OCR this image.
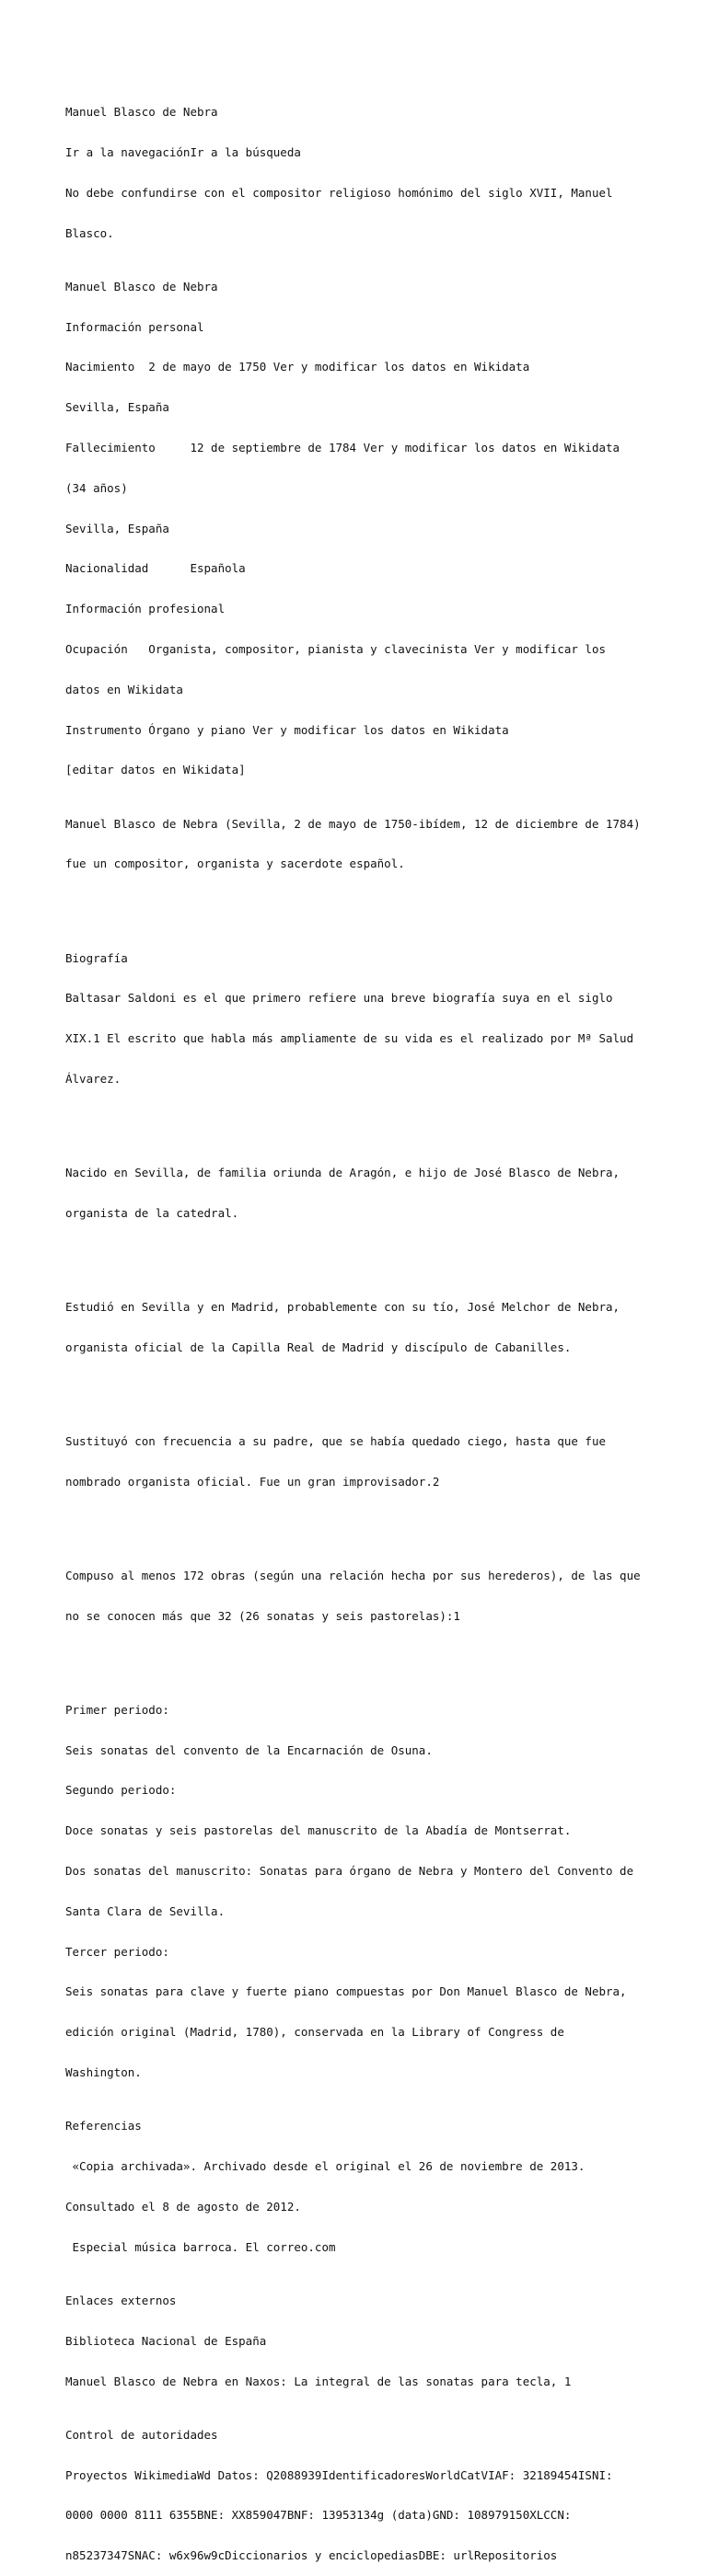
Manuel Blasco de Nebra

Ir a la navegaciónIr a la búsqueda

No debe confundirse con el compositor religioso homónimo del siglo XVII, Manuel

Blasco.

Manuel Blasco de Nebra

Información personal

Nacimiento  2 de mayo de 1750 Ver y modificar los datos en Wikidata

Sevilla, España

Fallecimiento     12 de septiembre de 1784 Ver y modificar los datos en Wikidata

(34 años)

Sevilla, España

Nacionalidad      Española

Información profesional

Ocupación   Organista, compositor, pianista y clavecinista Ver y modificar los

datos en Wikidata

Instrumento Órgano y piano Ver y modificar los datos en Wikidata

[editar datos en Wikidata]

Manuel Blasco de Nebra (Sevilla, 2 de mayo de 1750-ibídem, 12 de diciembre de 1784)

fue un compositor, organista y sacerdote español.

Biografía

Baltasar Saldoni es el que primero refiere una breve biografía suya en el siglo

XIX.1 El escrito que habla más ampliamente de su vida es el realizado por Mª Salud

Álvarez.

Nacido en Sevilla, de familia oriunda de Aragón, e hijo de José Blasco de Nebra,

organista de la catedral.

Estudió en Sevilla y en Madrid, probablemente con su tío, José Melchor de Nebra,

organista oficial de la Capilla Real de Madrid y discípulo de Cabanilles.

Sustituyó con frecuencia a su padre, que se había quedado ciego, hasta que fue

nombrado organista oficial. Fue un gran improvisador.2

Compuso al menos 172 obras (según una relación hecha por sus herederos), de las que

no se conocen más que 32 (26 sonatas y seis pastorelas):1

Primer periodo:

Seis sonatas del convento de la Encarnación de Osuna.

Segundo periodo:

Doce sonatas y seis pastorelas del manuscrito de la Abadía de Montserrat.

Dos sonatas del manuscrito: Sonatas para órgano de Nebra y Montero del Convento de

Santa Clara de Sevilla.

Tercer periodo:

Seis sonatas para clave y fuerte piano compuestas por Don Manuel Blasco de Nebra,

edición original (Madrid, 1780), conservada en la Library of Congress de

Washington.

Referencias

«Copia archivada». Archivado desde el original el 26 de noviembre de 2013.

Consultado el 8 de agosto de 2012.

Especial música barroca. El correo.com

Enlaces externos

Biblioteca Nacional de España

Manuel Blasco de Nebra en Naxos: La integral de las sonatas para tecla, 1

Control de autoridades

Proyectos WikimediaWd Datos: Q2088939IdentificadoresWorldCatVIAF: 32189454ISNI:

0000 0000 8111 6355BNE: XX859047BNF: 13953134g (data)GND: 108979150XLCCN:

n85237347SNAC: w6x96w9cDiccionarios y enciclopediasDBE: urlRepositorios
